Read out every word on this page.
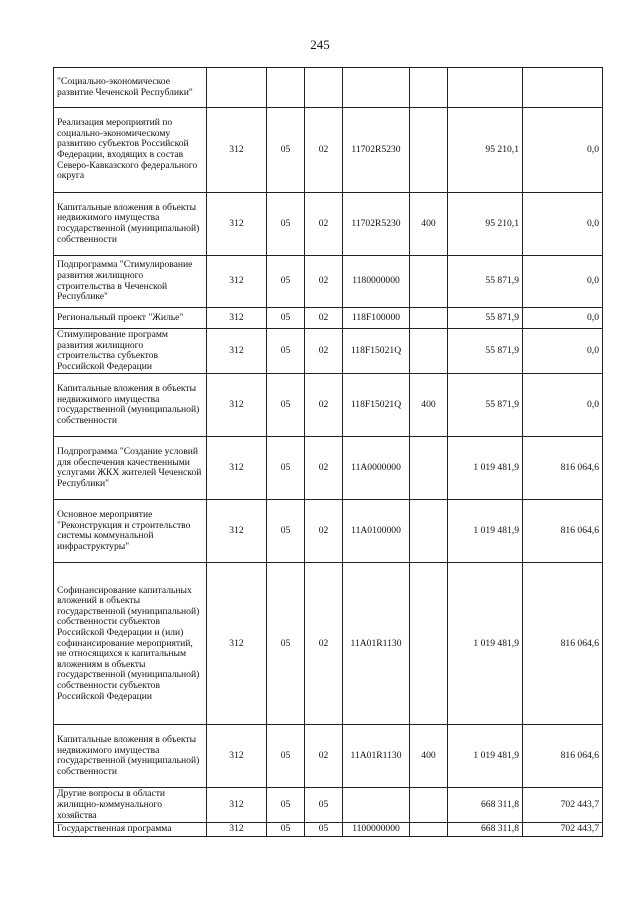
245
"Социально-экономическое развитие Чеченской Республики"							
Реализация мероприятий по социально-экономическому развитию субъектов Российской Федерации, входящих в состав Северо-Кавказского федерального округа	312	05	02	11702R5230		95 210,1	0,0
Капитальные вложения в объекты недвижимого имущества государственной (муниципальной) собственности	312	05	02	11702R5230	400	95 210,1	0,0
Подпрограмма "Стимулирование развития жилищного строительства в Чеченской Республике"	312	05	02	1180000000		55 871,9	0,0
Региональный проект "Жилье"	312	05	02	118F100000		55 871,9	0,0
Стимулирование программ развития жилищного строительства субъектов Российской Федерации	312	05	02	118F15021Q		55 871,9	0,0
Капитальные вложения в объекты недвижимого имущества государственной (муниципальной) собственности	312	05	02	118F15021Q	400	55 871,9	0,0
Подпрограмма "Создание условий для обеспечения качественными услугами ЖКХ жителей Чеченской Республики"	312	05	02	11А0000000		1 019 481,9	816 064,6
Основное мероприятие "Реконструкция и строительство системы коммунальной инфраструктуры"	312	05	02	11А0100000		1 019 481,9	816 064,6
Софинансирование капитальных вложений в объекты государственной (муниципальной) собственности субъектов Российской Федерации и (или) софинансирование мероприятий, не относящихся к капитальным вложениям в объекты государственной (муниципальной) собственности субъектов Российской Федерации	312	05	02	11А01R1130		1 019 481,9	816 064,6
Капитальные вложения в объекты недвижимого имущества государственной (муниципальной) собственности	312	05	02	11А01R1130	400	1 019 481,9	816 064,6
Другие вопросы в области жилищно-коммунального хозяйства	312	05	05			668 311,8	702 443,7
Государственная программа	312	05	05	1100000000		668 311,8	702 443,7
